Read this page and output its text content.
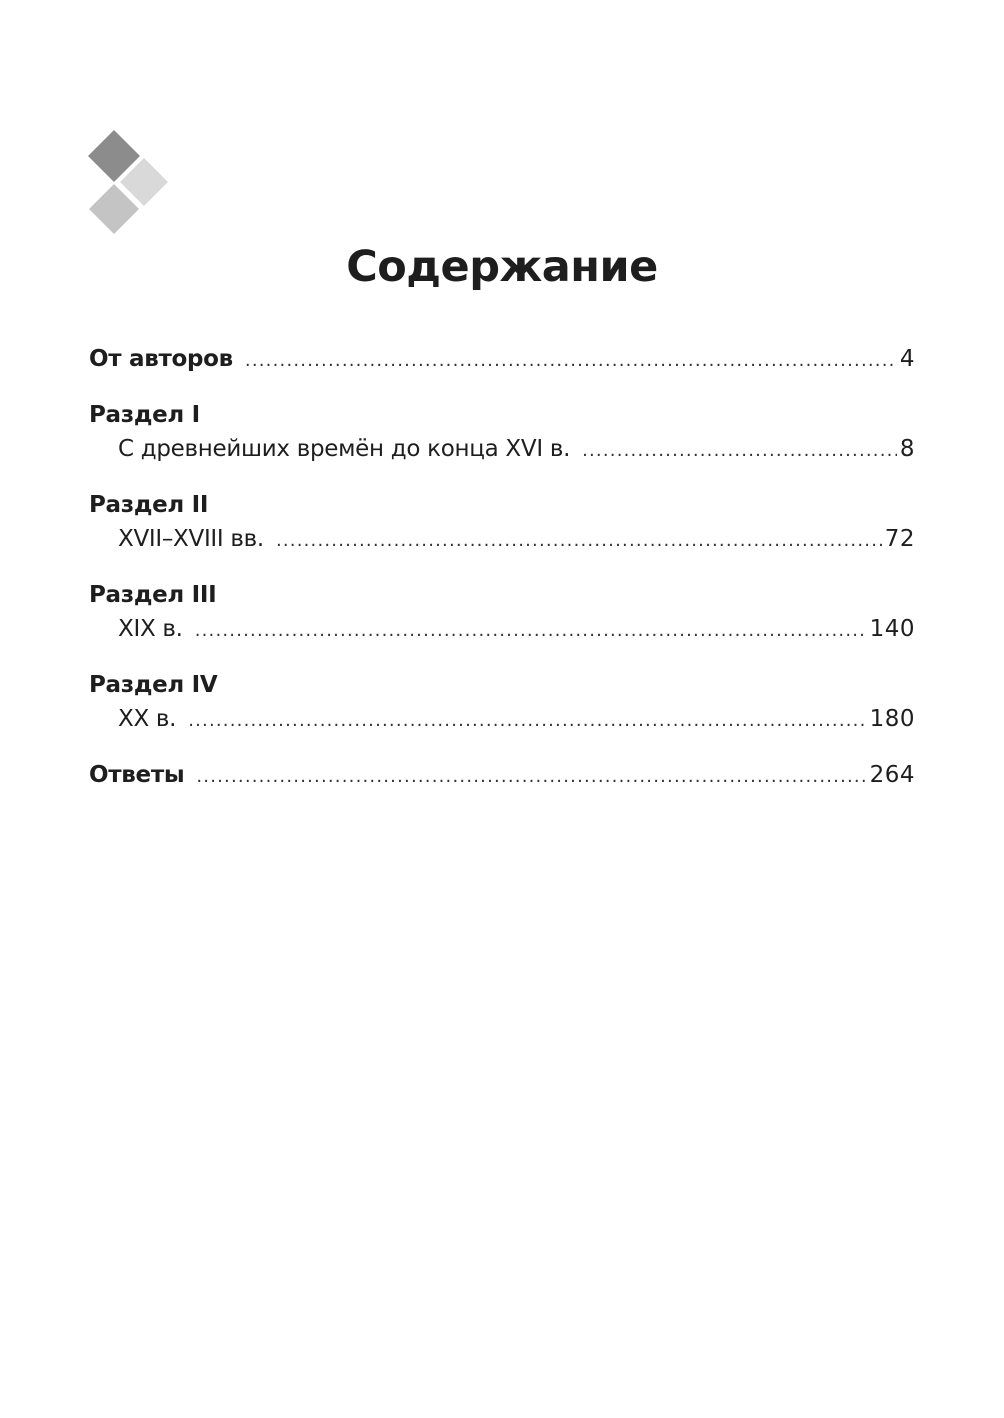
Содержание
От авторов .....	4
Раздел I
С древнейших времён до конца XVI в. .....	8
Раздел II
XVII–XVIII вв. .....	72
Раздел III
XIX в. .....	140
Раздел IV
XX в. .....	180
Ответы .....	264
